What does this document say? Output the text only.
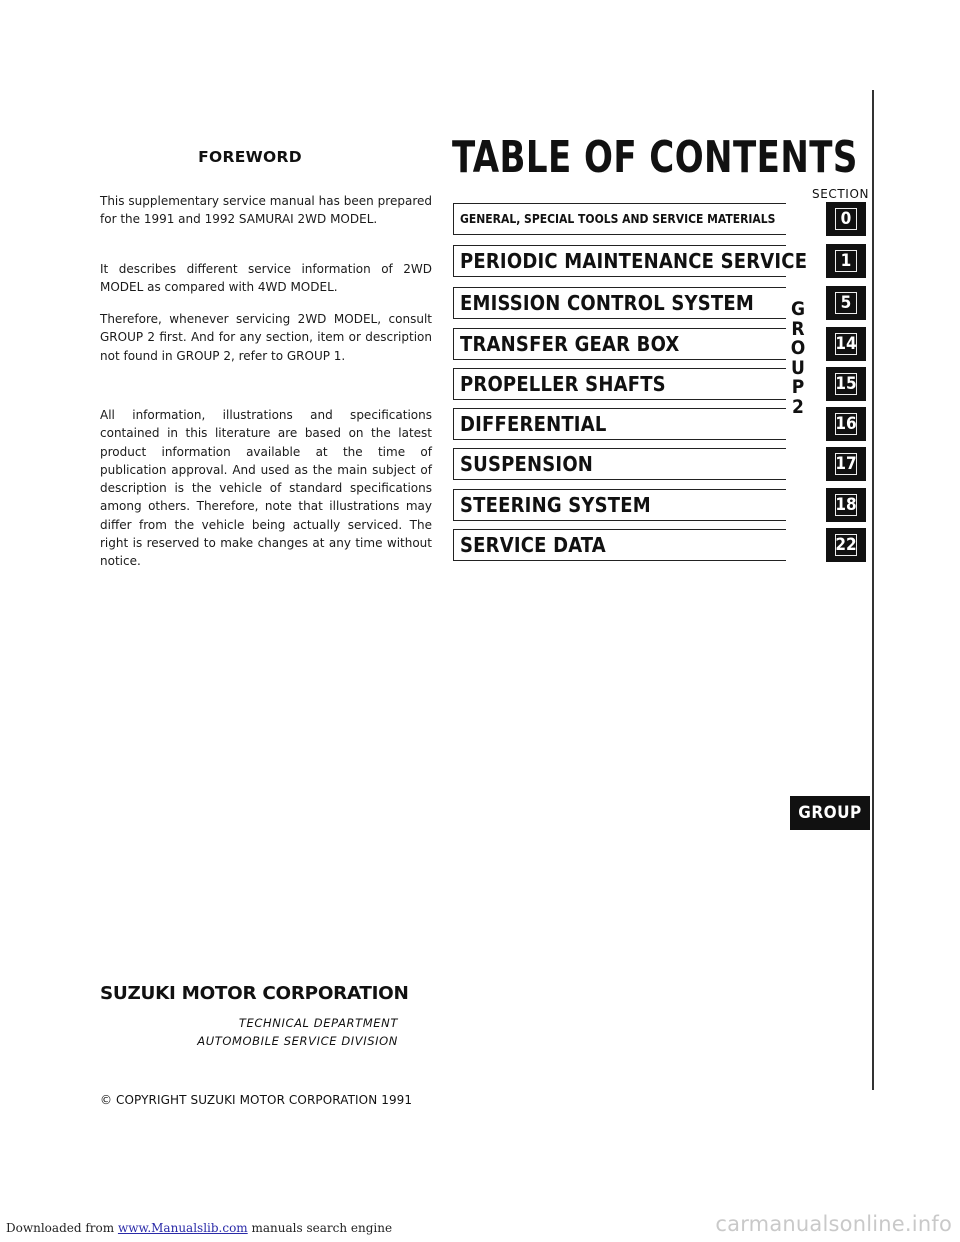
FOREWORD
This supplementary service manual has been prepared for the 1991 and 1992 SAMURAI 2WD MODEL.
It describes different service information of 2WD MODEL as compared with 4WD MODEL.
Therefore, whenever servicing 2WD MODEL, consult GROUP 2 first. And for any section, item or description not found in GROUP 2, refer to GROUP 1.
All information, illustrations and specifications contained in this literature are based on the latest product information available at the time of publication approval. And used as the main subject of description is the vehicle of standard specifications among others. Therefore, note that illustrations may differ from the vehicle being actually serviced. The right is reserved to make changes at any time without notice.
SUZUKI MOTOR CORPORATION
TECHNICAL DEPARTMENT
AUTOMOBILE SERVICE DIVISION
© COPYRIGHT SUZUKI MOTOR CORPORATION 1991
TABLE OF CONTENTS
SECTION
GENERAL, SPECIAL TOOLS AND SERVICE MATERIALS	0
PERIODIC MAINTENANCE SERVICE	1
EMISSION CONTROL SYSTEM	5
TRANSFER GEAR BOX	14
PROPELLER SHAFTS	15
DIFFERENTIAL	16
SUSPENSION	17
STEERING SYSTEM	18
SERVICE DATA	22
G
R
O
U
P
2
GROUP 2
Downloaded from www.Manualslib.com manuals search engine	carmanualsonline.info
